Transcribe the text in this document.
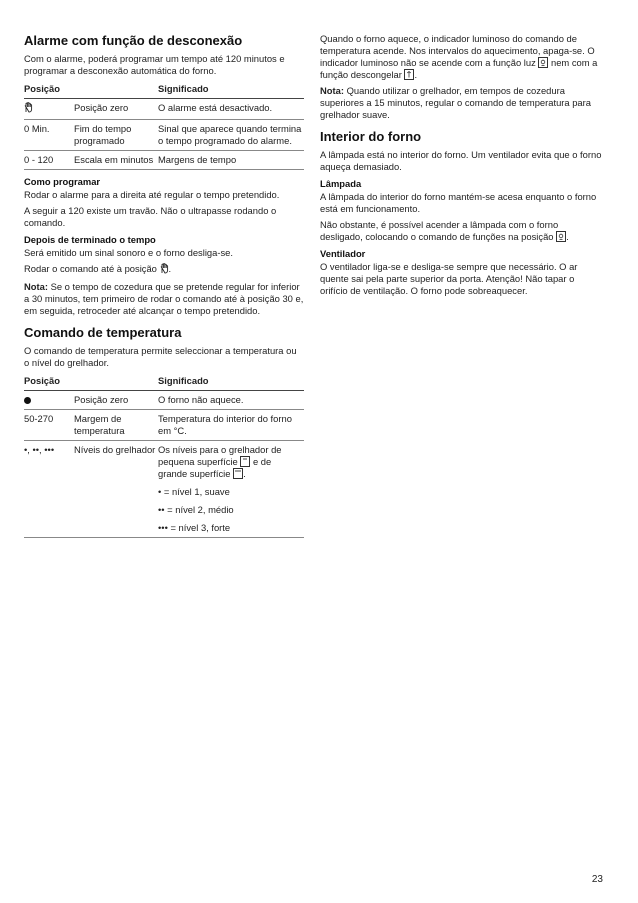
Alarme com função de desconexão

Com o alarme, poderá programar um tempo até 120 minutos e programar a desconexão automática do forno.

Posição		Significado
	Posição zero	O alarme está desactivado.
0 Min.	Fim do tempo programado	Sinal que aparece quando termina o tempo programado do alarme.
0 - 120	Escala em minutos	Margens de tempo
Como programar

Rodar o alarme para a direita até regular o tempo pretendido.

A seguir a 120 existe um travão. Não o ultrapasse rodando o comando.

Depois de terminado o tempo

Será emitido um sinal sonoro e o forno desliga-se.

Rodar o comando até à posição .

Nota: Se o tempo de cozedura que se pretende regular for inferior a 30 minutos, tem primeiro de rodar o comando até à posição 30 e, em seguida, retroceder até alcançar o tempo pretendido.

Comando de temperatura

O comando de temperatura permite seleccionar a temperatura ou o nível do grelhador.

Posição		Significado
	Posição zero	O forno não aquece.
50-270	Margem de temperatura	Temperatura do interior do forno em °C.
•, ••, •••	Níveis do grelhador	Os níveis para o grelhador de pequena superfície
e de grande superfície .
		• = nível 1, suave
		•• = nível 2, médio
		••• = nível 3, forte

Quando o forno aquece, o indicador luminoso do comando de temperatura acende. Nos intervalos do aquecimento, apaga-se. O indicador luminoso não se acende com a função luz
nem com a função descongelar .

Nota: Quando utilizar o grelhador, em tempos de cozedura superiores a 15 minutos, regular o comando de temperatura para grelhador suave.

Interior do forno

A lâmpada está no interior do forno. Um ventilador evita que o forno aqueça demasiado.

Lâmpada

A lâmpada do interior do forno mantém-se acesa enquanto o forno está em funcionamento.

Não obstante, é possível acender a lâmpada com o forno desligado, colocando o comando de funções na posição .

Ventilador

O ventilador liga-se e desliga-se sempre que necessário. O ar quente sai pela parte superior da porta. Atenção! Não tapar o orifício de ventilação. O forno pode sobreaquecer.

23
